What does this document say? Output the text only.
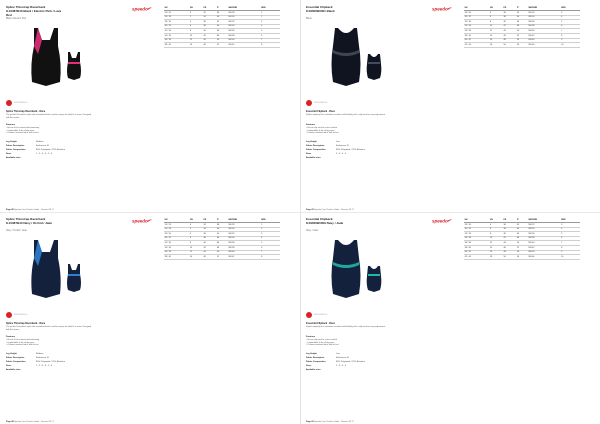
Splice Thinstrap Racerback
8-10387B43 Black / Electric Pink / Lava Red
Black / Electric Pink
speedo
ENDURANCE+
Splice Thinstrap Racerback · Race
The perfect Racerback style with streamlined back and thin straps for ideal fit in water. Designed with flat seams.
Features
• Secure fit for unrestricted swimming
• Comfortable fit for all day wear
• Chlorine resistant fabric built to last
Leg Height	Medium
Fabric Description	Endurance 10
Fabric Composition	80% Polyamide / 20% Elastane
Sizes	1 - 2 - 3 - 4 - 5 - 6
Available sizes
UK	US	FR	IT	NATURE	SIZE
24 / 26	0	32	38	NN 28	1
26 / 28	2	34	40	NN 30	2
28 / 30	4	36	42	NN 32	3
30 / 32	6	38	44	NN 34	4
32 / 34	8	40	46	NN 36	5
34 / 36	10	42	48	NN 38	6
36 / 38	12	44	50	NN 40	7
38 / 40	14	46	52	NN 42	8
Page 40 Speedo Core Product Guide · Season SS 17
Essential Clipback
8-09600B0001 Black
Black
speedo
ENDURANCE+
Essential Clipback · Race
Stylish simplicity that combines comfort and flexibility with a clip back for easy adjustment.
Features
• Secure clip back for extra comfort
• Comfortable fit for all day wear
• Chlorine resistant fabric built to last
Leg Height	Low
Fabric Description	Endurance 10
Fabric Composition	80% Polyamide / 20% Elastane
Sizes	2 - 3 - 4 - 5
Available sizes
UK	US	FR	IT	NATURE	SIZE
28 / 30	4	36	42	NN 32	3
30 / 32	6	38	44	NN 34	4
32 / 34	8	40	46	NN 36	5
34 / 36	10	42	48	NN 38	6
36 / 38	12	44	50	NN 40	7
38 / 40	14	46	52	NN 42	8
40 / 42	16	48	54	NN 44	9
42 / 44	18	50	56	NN 46	10
Page 41 Speedo Core Product Guide · Season SS 17
Splice Thinstrap Racerback
8-10387B43 Navy / Orchid / Jade
Navy / Orchid / Jade
speedo
ENDURANCE+
Splice Thinstrap Racerback · Race
The perfect Racerback style with streamlined back and thin straps for ideal fit in water. Designed with flat seams.
Features
• Secure fit for unrestricted swimming
• Comfortable fit for all day wear
• Chlorine resistant fabric built to last
Leg Height	Medium
Fabric Description	Endurance 10
Fabric Composition	80% Polyamide / 20% Elastane
Sizes	1 - 2 - 3 - 4 - 5 - 6
Available sizes
UK	US	FR	IT	NATURE	SIZE
24 / 26	0	32	38	NN 28	1
26 / 28	2	34	40	NN 30	2
28 / 30	4	36	42	NN 32	3
30 / 32	6	38	44	NN 34	4
32 / 34	8	40	46	NN 36	5
34 / 36	10	42	48	NN 38	6
36 / 38	12	44	50	NN 40	7
38 / 40	14	46	52	NN 42	8
Page 40 Speedo Core Product Guide · Season SS 17
Essential Clipback
8-09600B0009 Navy / Jade
Navy / Jade
speedo
ENDURANCE+
Essential Clipback · Race
Stylish simplicity that combines comfort and flexibility with a clip back for easy adjustment.
Features
• Secure clip back for extra comfort
• Comfortable fit for all day wear
• Chlorine resistant fabric built to last
Leg Height	Low
Fabric Description	Endurance 10
Fabric Composition	80% Polyamide / 20% Elastane
Sizes	2 - 3 - 4 - 5
Available sizes
UK	US	FR	IT	NATURE	SIZE
28 / 30	4	36	42	NN 32	3
30 / 32	6	38	44	NN 34	4
32 / 34	8	40	46	NN 36	5
34 / 36	10	42	48	NN 38	6
36 / 38	12	44	50	NN 40	7
38 / 40	14	46	52	NN 42	8
40 / 42	16	48	54	NN 44	9
42 / 44	18	50	56	NN 46	10
Page 41 Speedo Core Product Guide · Season SS 17
